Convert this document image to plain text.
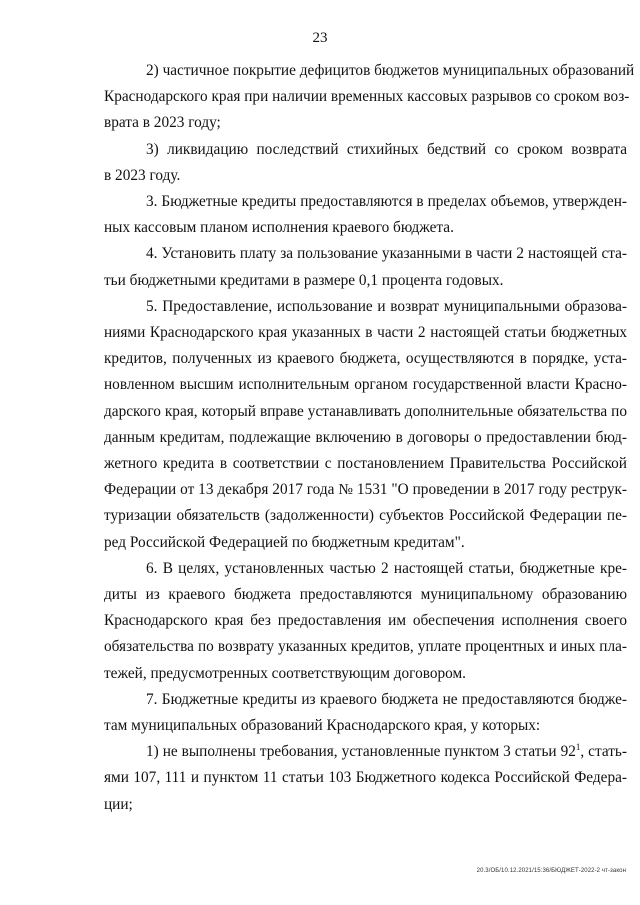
23
2) частичное покрытие дефицитов бюджетов муниципальных образований
Краснодарского края при наличии временных кассовых разрывов со сроком воз-
врата в 2023 году;
3) ликвидацию последствий стихийных бедствий со сроком возврата
в 2023 году.
3. Бюджетные кредиты предоставляются в пределах объемов, утвержден-
ных кассовым планом исполнения краевого бюджета.
4. Установить плату за пользование указанными в части 2 настоящей ста-
тьи бюджетными кредитами в размере 0,1 процента годовых.
5. Предоставление, использование и возврат муниципальными образова-
ниями Краснодарского края указанных в части 2 настоящей статьи бюджетных
кредитов, полученных из краевого бюджета, осуществляются в порядке, уста-
новленном высшим исполнительным органом государственной власти Красно-
дарского края, который вправе устанавливать дополнительные обязательства по
данным кредитам, подлежащие включению в договоры о предоставлении бюд-
жетного кредита в соответствии с постановлением Правительства Российской
Федерации от 13 декабря 2017 года № 1531 "О проведении в 2017 году реструк-
туризации обязательств (задолженности) субъектов Российской Федерации пе-
ред Российской Федерацией по бюджетным кредитам".
6. В целях, установленных частью 2 настоящей статьи, бюджетные кре-
диты из краевого бюджета предоставляются муниципальному образованию
Краснодарского края без предоставления им обеспечения исполнения своего
обязательства по возврату указанных кредитов, уплате процентных и иных пла-
тежей, предусмотренных соответствующим договором.
7. Бюджетные кредиты из краевого бюджета не предоставляются бюдже-
там муниципальных образований Краснодарского края, у которых:
1) не выполнены требования, установленные пунктом 3 статьи $92^1$, стать-
ями 107, 111 и пунктом 11 статьи 103 Бюджетного кодекса Российской Федера-
ции;
20.3/ОБ/10.12.2021/15:36/БЮДЖЕТ-2022-2 чт-закон
